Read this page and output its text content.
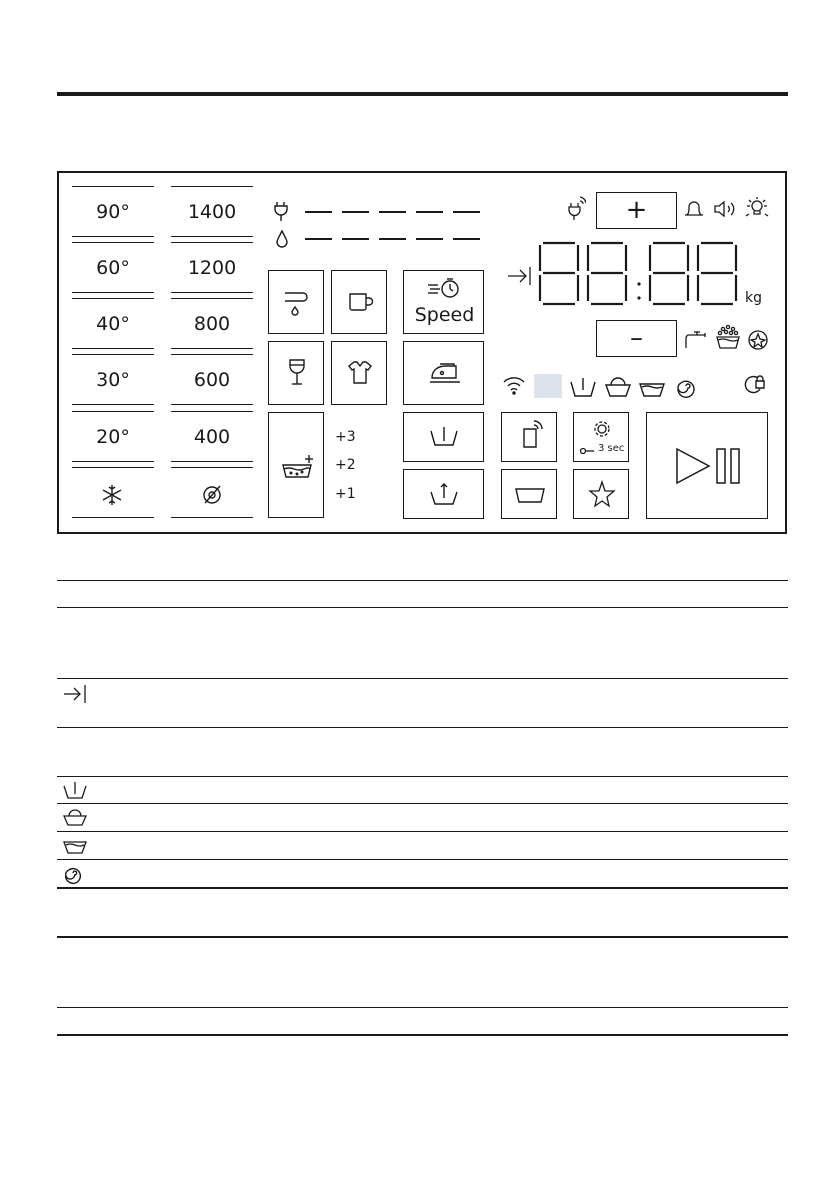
90°
60°
40°
30°
20°
1400
1200
800
600
400
Speed
+3
+2
+1
3 sec
+
–
kg
